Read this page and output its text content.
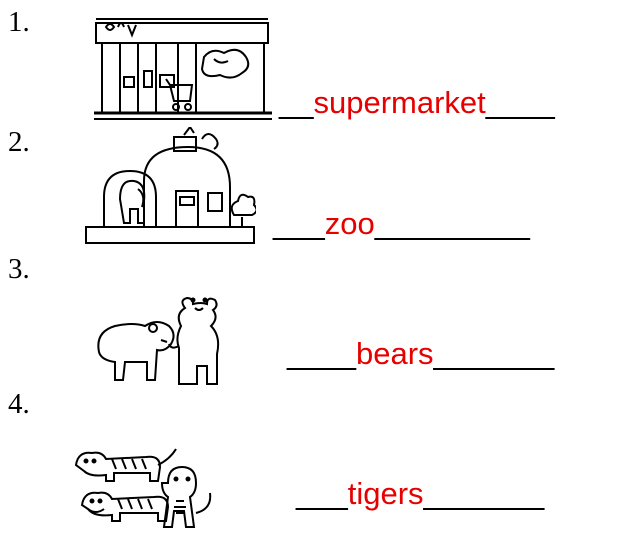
1.
__supermarket____
2.
___zoo_________
3.
____bears_______
4.
___tigers_______
